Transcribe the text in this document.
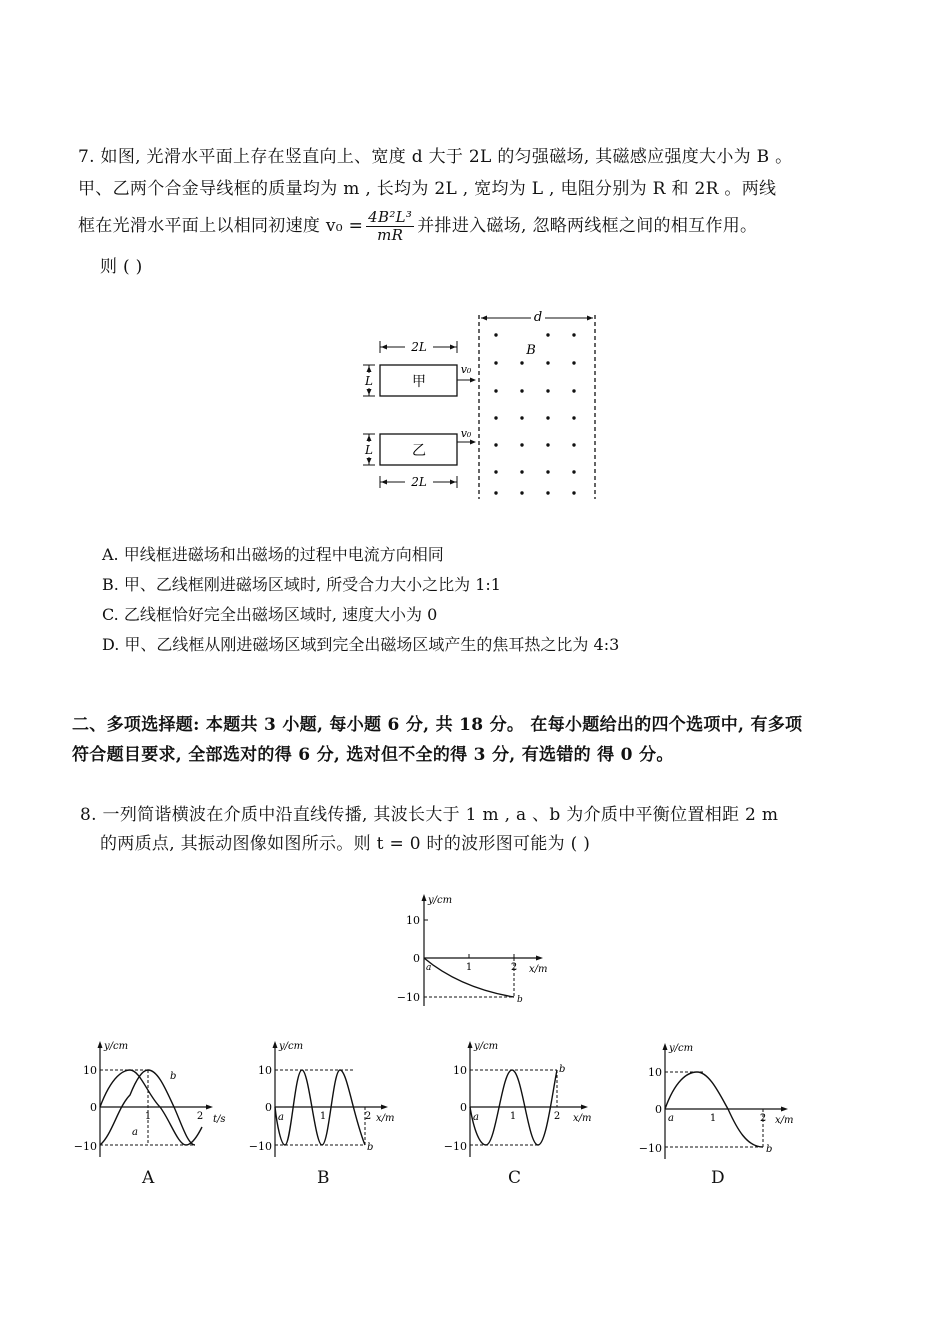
7. 如图, 光滑水平面上存在竖直向上、宽度 d 大于 2L 的匀强磁场, 其磁感应强度大小为 B 。
甲、乙两个合金导线框的质量均为 m , 长均为 2L , 宽均为 L , 电阻分别为 R 和 2R 。两线
框在光滑水平面上以相同初速度 $v_0 = \frac{\text{4B²L³}}{mR}$ 并排进入磁场, 忽略两线框之间的相互作用。
则 ( )
d
B
2L
L	甲
v₀
L	乙
v₀
2L
A. 甲线框进磁场和出磁场的过程中电流方向相同
B. 甲、乙线框刚进磁场区域时, 所受合力大小之比为 1:1
C. 乙线框恰好完全出磁场区域时, 速度大小为 0
D. 甲、乙线框从刚进磁场区域到完全出磁场区域产生的焦耳热之比为 4:3
二、多项选择题: 本题共 3 小题, 每小题 6 分, 共 18 分。 在每小题给出的四个选项中, 有多项
符合题目要求, 全部选对的得 6 分, 选对但不全的得 3 分, 有选错的 得 0 分。
8. 一列简谐横波在介质中沿直线传播, 其波长大于 1 m , a 、b 为介质中平衡位置相距 2 m
的两质点, 其振动图像如图所示。则 t = 0 时的波形图可能为 ( )
y/cm
x/m
10
0
−10
1	2
a
b
y/cm
t/s
10
0
−10
1	2
b
a
A
y/cm
x/m
10
0
−10
1	2
a
b
B
y/cm
x/m
10
0
−10
1	2
a
b
C
y/cm
x/m
10
0
−10
1	2
a
b
D
